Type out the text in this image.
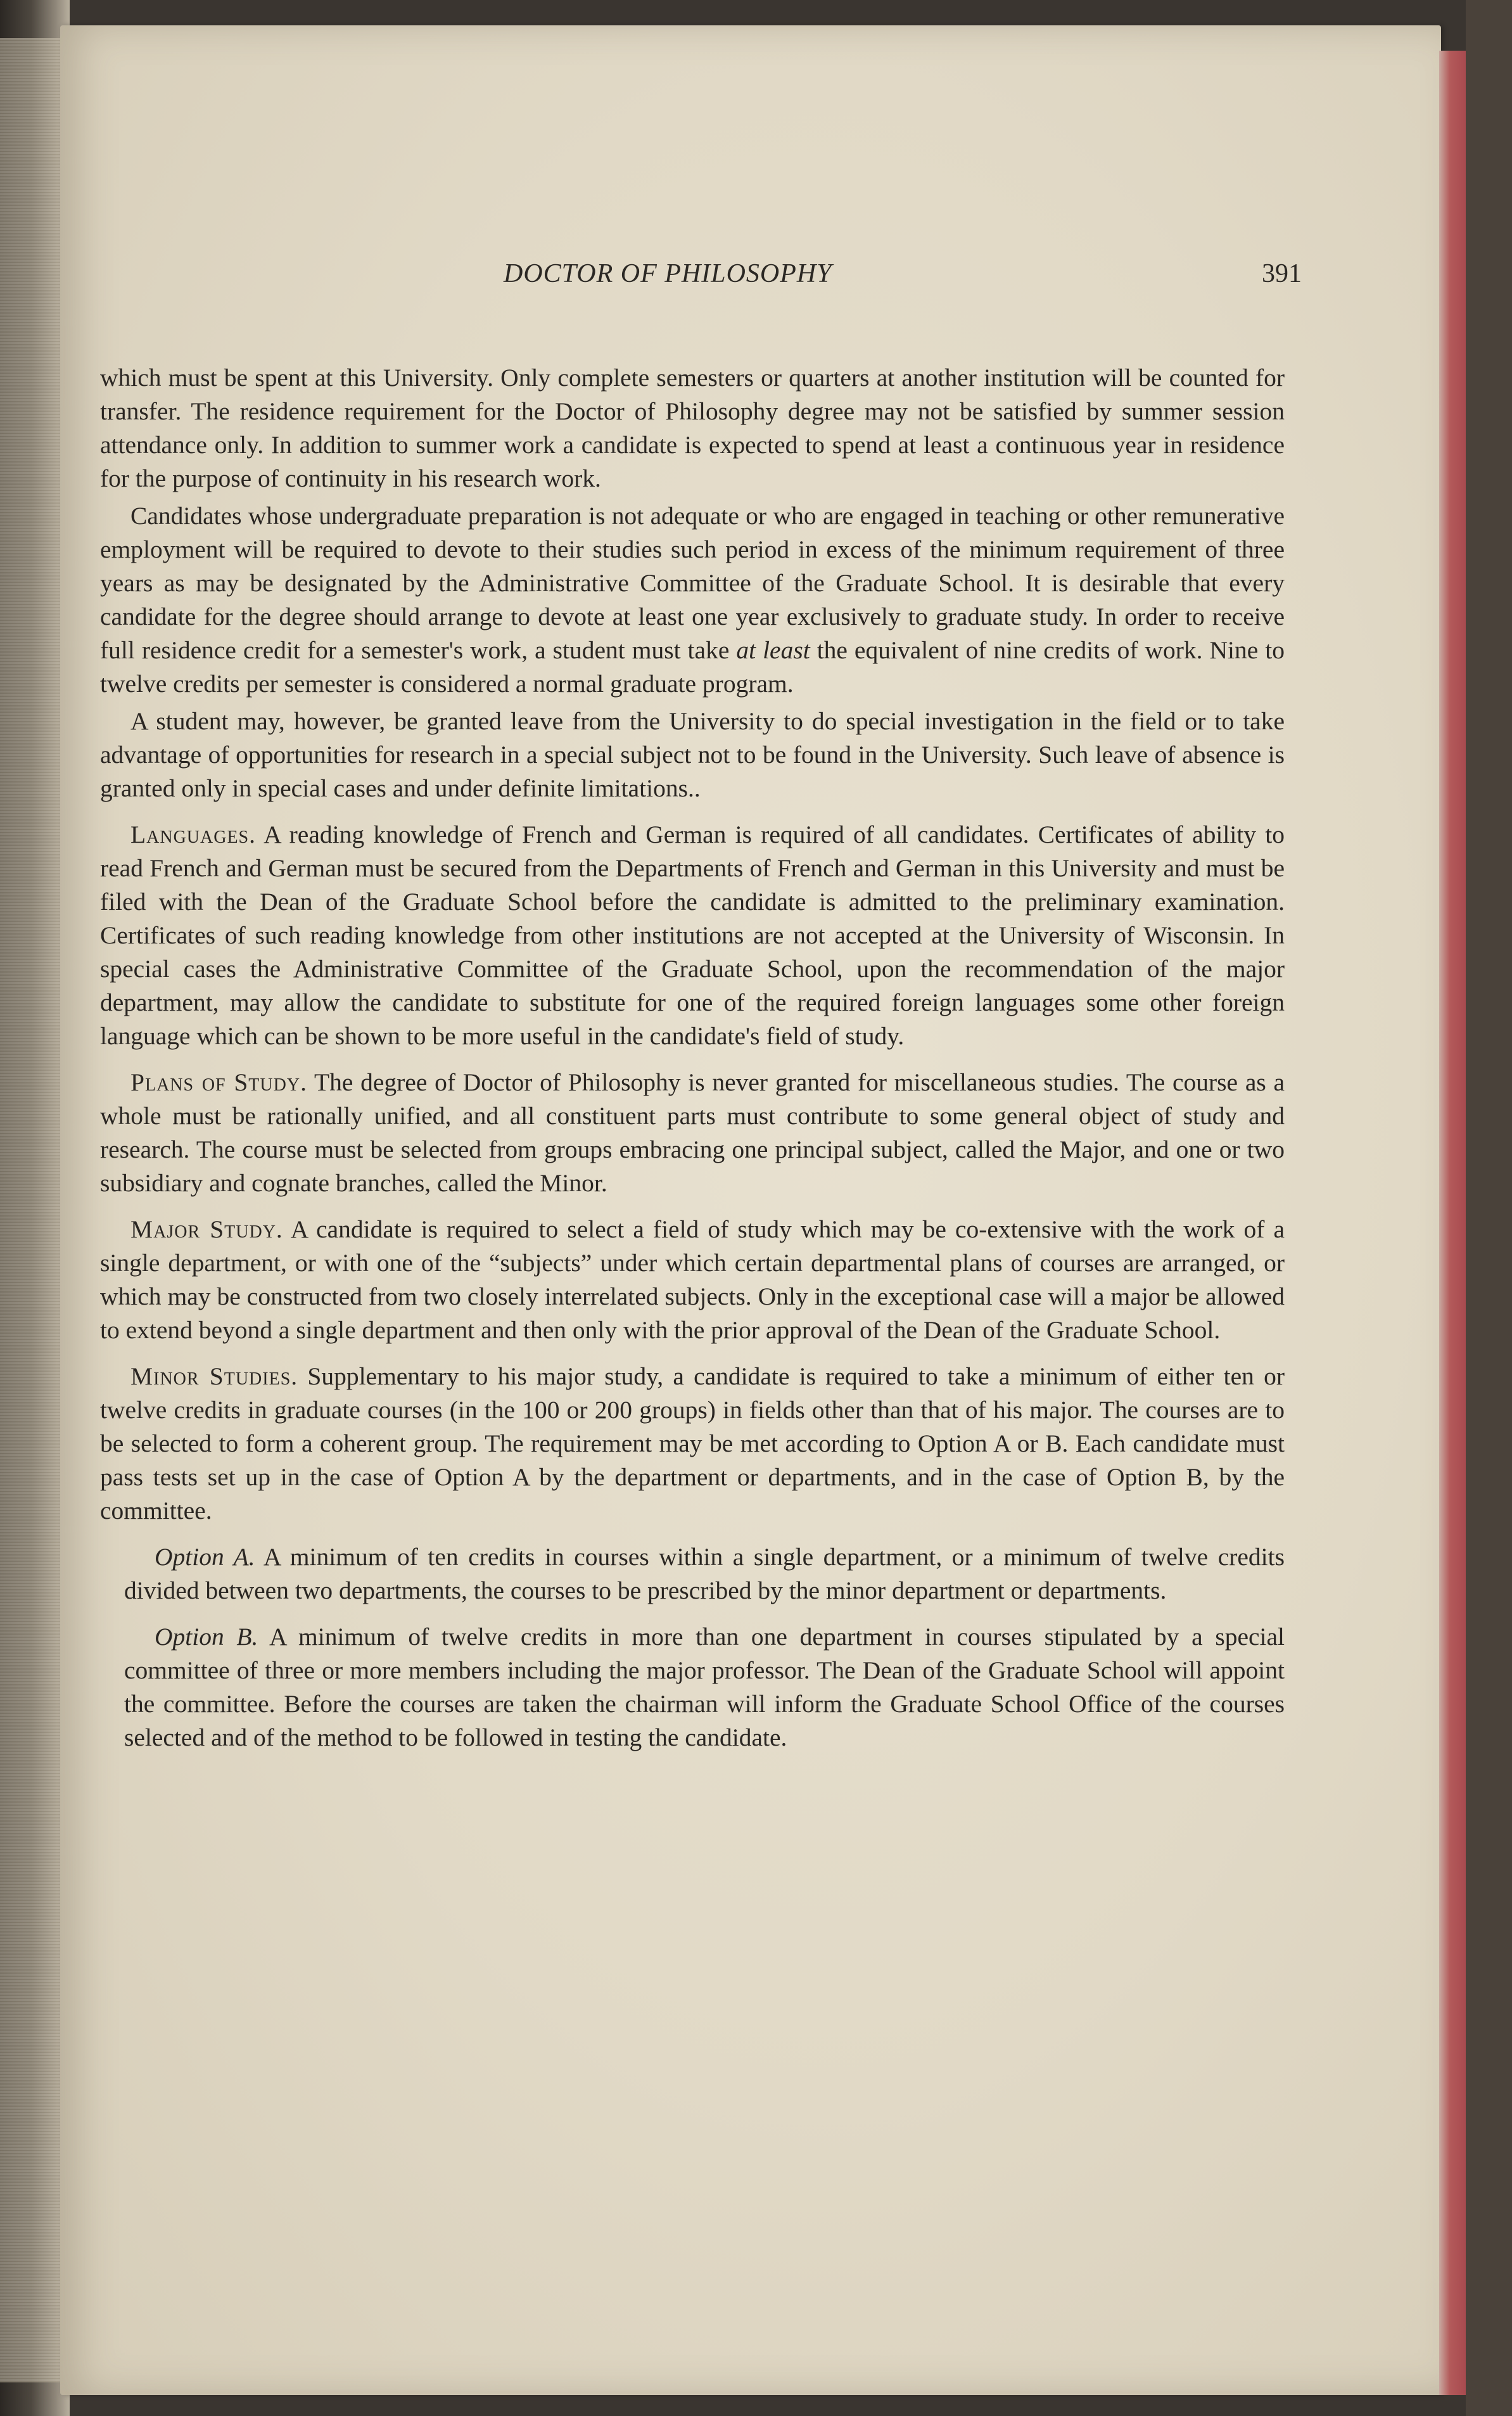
DOCTOR OF PHILOSOPHY	391

which must be spent at this University. Only complete semesters or quarters at another institution will be counted for transfer. The residence requirement for the Doctor of Philosophy degree may not be satisfied by summer session attendance only. In addition to summer work a candidate is expected to spend at least a continuous year in residence for the purpose of continuity in his research work.

Candidates whose undergraduate preparation is not adequate or who are engaged in teaching or other remunerative employment will be required to devote to their studies such period in excess of the minimum requirement of three years as may be designated by the Administrative Committee of the Graduate School. It is desirable that every candidate for the degree should arrange to devote at least one year exclusively to graduate study. In order to receive full residence credit for a semester's work, a student must take at least the equivalent of nine credits of work. Nine to twelve credits per semester is considered a normal graduate program.

A student may, however, be granted leave from the University to do special investigation in the field or to take advantage of opportunities for research in a special subject not to be found in the University. Such leave of absence is granted only in special cases and under definite limitations..

Languages. A reading knowledge of French and German is required of all candidates. Certificates of ability to read French and German must be secured from the Departments of French and German in this University and must be filed with the Dean of the Graduate School before the candidate is admitted to the preliminary examination. Certificates of such reading knowledge from other institutions are not accepted at the University of Wisconsin. In special cases the Administrative Committee of the Graduate School, upon the recommendation of the major department, may allow the candidate to substitute for one of the required foreign languages some other foreign language which can be shown to be more useful in the candidate's field of study.

Plans of Study. The degree of Doctor of Philosophy is never granted for miscellaneous studies. The course as a whole must be rationally unified, and all constituent parts must contribute to some general object of study and research. The course must be selected from groups embracing one principal subject, called the Major, and one or two subsidiary and cognate branches, called the Minor.

Major Study. A candidate is required to select a field of study which may be co-extensive with the work of a single department, or with one of the “subjects” under which certain departmental plans of courses are arranged, or which may be constructed from two closely interrelated subjects. Only in the exceptional case will a major be allowed to extend beyond a single department and then only with the prior approval of the Dean of the Graduate School.

Minor Studies. Supplementary to his major study, a candidate is required to take a minimum of either ten or twelve credits in graduate courses (in the 100 or 200 groups) in fields other than that of his major. The courses are to be selected to form a coherent group. The requirement may be met according to Option A or B. Each candidate must pass tests set up in the case of Option A by the department or departments, and in the case of Option B, by the committee.

Option A. A minimum of ten credits in courses within a single department, or a minimum of twelve credits divided between two departments, the courses to be prescribed by the minor department or departments.

Option B. A minimum of twelve credits in more than one department in courses stipulated by a special committee of three or more members including the major professor. The Dean of the Graduate School will appoint the committee. Before the courses are taken the chairman will inform the Graduate School Office of the courses selected and of the method to be followed in testing the candidate.
